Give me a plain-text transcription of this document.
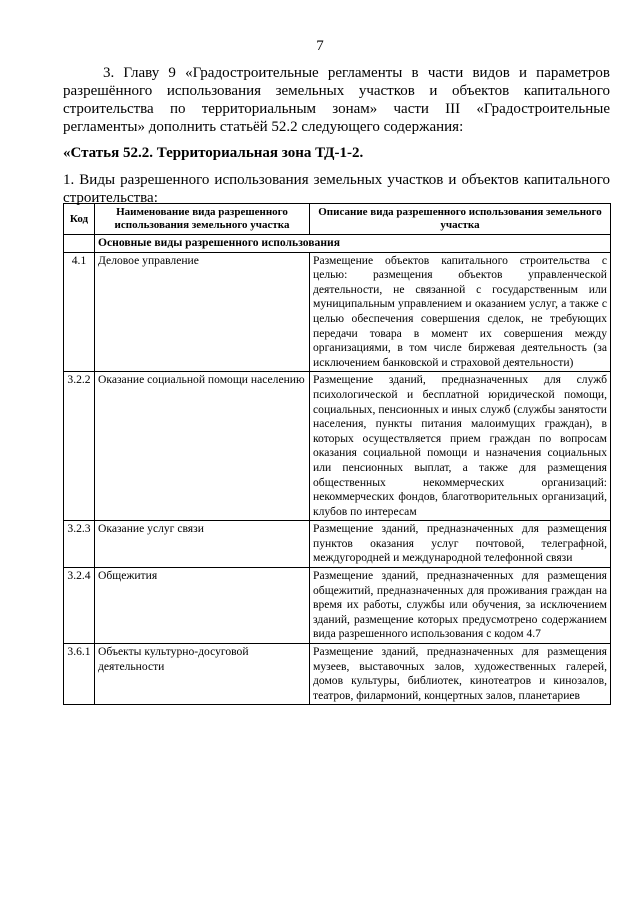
7
3. Главу 9 «Градостроительные регламенты в части видов и параметров разрешённого использования земельных участков и объектов капитального строительства по территориальным зонам» части III «Градостроительные регламенты» дополнить статьёй 52.2 следующего содержания:
«Статья 52.2. Территориальная зона ТД-1-2.
1. Виды разрешенного использования земельных участков и объектов капитального строительства:
Код	Наименование вида разрешенного использования земельного участка	Описание вида разрешенного использования земельного участка
	Основные виды разрешенного использования	
4.1	Деловое управление	Размещение объектов капитального строительства с целью: размещения объектов управленческой деятельности, не связанной с государственным или муниципальным управлением и оказанием услуг, а также с целью обеспечения совершения сделок, не требующих передачи товара в момент их совершения между организациями, в том числе биржевая деятельность (за исключением банковской и страховой деятельности)
3.2.2	Оказание социальной помощи населению	Размещение зданий, предназначенных для служб психологической и бесплатной юридической помощи, социальных, пенсионных и иных служб (службы занятости населения, пункты питания малоимущих граждан), в которых осуществляется прием граждан по вопросам оказания социальной помощи и назначения социальных или пенсионных выплат, а также для размещения общественных некоммерческих организаций: некоммерческих фондов, благотворительных организаций, клубов по интересам
3.2.3	Оказание услуг связи	Размещение зданий, предназначенных для размещения пунктов оказания услуг почтовой, телеграфной, междугородней и международной телефонной связи
3.2.4	Общежития	Размещение зданий, предназначенных для размещения общежитий, предназначенных для проживания граждан на время их работы, службы или обучения, за исключением зданий, размещение которых предусмотрено содержанием вида разрешенного использования с кодом 4.7
3.6.1	Объекты культурно-досуговой деятельности	Размещение зданий, предназначенных для размещения музеев, выставочных залов, художественных галерей, домов культуры, библиотек, кинотеатров и кинозалов, театров, филармоний, концертных залов, планетариев
